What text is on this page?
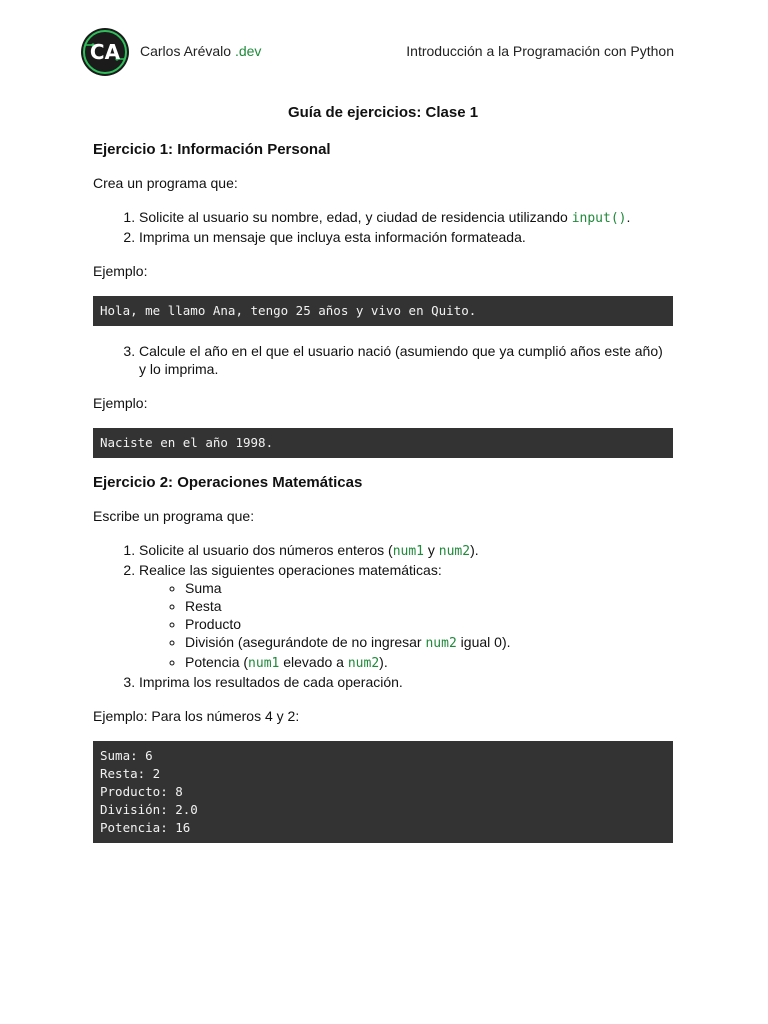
CA Carlos Arévalo .dev	Introducción a la Programación con Python
Guía de ejercicios: Clase 1
Ejercicio 1: Información Personal

Crea un programa que:

1. Solicite al usuario su nombre, edad, y ciudad de residencia utilizando input().
2. Imprima un mensaje que incluya esta información formateada.

Ejemplo:

Hola, me llamo Ana, tengo 25 años y vivo en Quito.
3. Calcule el año en el que el usuario nació (asumiendo que ya cumplió años este año) y lo imprima.

Ejemplo:

Naciste en el año 1998.
Ejercicio 2: Operaciones Matemáticas

Escribe un programa que:

1. Solicite al usuario dos números enteros (num1 y num2).
2. Realice las siguientes operaciones matemáticas:
◦ Suma
◦ Resta
◦ Producto
◦ División (asegurándote de no ingresar num2 igual 0).
◦ Potencia (num1 elevado a num2).
3. Imprima los resultados de cada operación.

Ejemplo: Para los números 4 y 2:

Suma: 6
Resta: 2
Producto: 8
División: 2.0
Potencia: 16
